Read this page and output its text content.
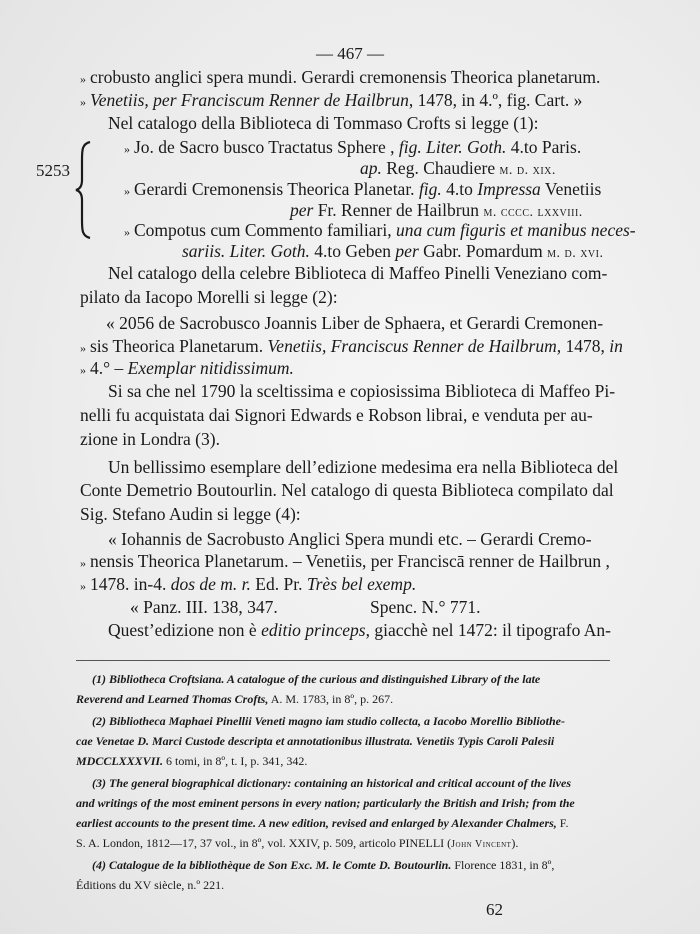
— 467 —
» crobusto anglici spera mundi. Gerardi cremonensis Theorica planetarum.
» Venetiis, per Franciscum Renner de Hailbrun, 1478, in 4.º, fig. Cart. »
Nel catalogo della Biblioteca di Tommaso Crofts si legge (1):
5253
» Jo. de Sacro busco Tractatus Sphere , fig. Liter. Goth. 4.to Paris.
ap. Reg. Chaudiere m. d. xix.
» Gerardi Cremonensis Theorica Planetar. fig. 4.to Impressa Venetiis
per Fr. Renner de Hailbrun m. cccc. lxxviii.
» Compotus cum Commento familiari, una cum figuris et manibus neces-
sariis. Liter. Goth. 4.to Geben per Gabr. Pomardum m. d. xvi.
Nel catalogo della celebre Biblioteca di Maffeo Pinelli Veneziano com-
pilato da Iacopo Morelli si legge (2):
« 2056 de Sacrobusco Joannis Liber de Sphaera, et Gerardi Cremonen-
» sis Theorica Planetarum. Venetiis, Franciscus Renner de Hailbrum, 1478, in
» 4.° – Exemplar nitidissimum.
Si sa che nel 1790 la sceltissima e copiosissima Biblioteca di Maffeo Pi-
nelli fu acquistata dai Signori Edwards e Robson librai, e venduta per au-
zione in Londra (3).
Un bellissimo esemplare dell’edizione medesima era nella Biblioteca del
Conte Demetrio Boutourlin. Nel catalogo di questa Biblioteca compilato dal
Sig. Stefano Audin si legge (4):
« Iohannis de Sacrobusto Anglici Spera mundi etc. – Gerardi Cremo-
» nensis Theorica Planetarum. – Venetiis, per Franciscā renner de Hailbrun ,
» 1478. in-4. dos de m. r. Ed. Pr. Très bel exemp.
« Panz. III. 138, 347.	Spenc. N.° 771.
Quest’edizione non è editio princeps, giacchè nel 1472: il tipografo An-
(1) Bibliotheca Croftsiana. A catalogue of the curious and distinguished Library of the late
Reverend and Learned Thomas Crofts, A. M. 1783, in 8º, p. 267.
(2) Bibliotheca Maphaei Pinellii Veneti magno iam studio collecta, a Iacobo Morellio Bibliothe-
cae Venetae D. Marci Custode descripta et annotationibus illustrata. Venetiis Typis Caroli Palesii
MDCCLXXXVII. 6 tomi, in 8º, t. I, p. 341, 342.
(3) The general biographical dictionary: containing an historical and critical account of the lives
and writings of the most eminent persons in every nation; particularly the British and Irish; from the
earliest accounts to the present time. A new edition, revised and enlarged by Alexander Chalmers, F.
S. A. London, 1812—17, 37 vol., in 8º, vol. XXIV, p. 509, articolo PINELLI (John Vincent).
(4) Catalogue de la bibliothèque de Son Exc. M. le Comte D. Boutourlin. Florence 1831, in 8º,
Éditions du XV siècle, n.º 221.
62
